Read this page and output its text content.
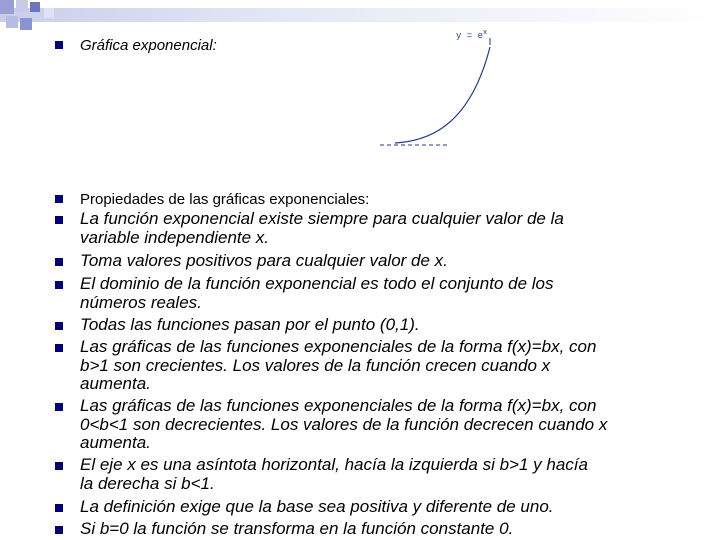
Gráfica exponencial:
$y = e^x$
Propiedades de las gráficas exponenciales:
La función exponencial existe siempre para cualquier valor de la
variable independiente x.
Toma valores positivos para cualquier valor de x.
El dominio de la función exponencial es todo el conjunto de los
números reales.
Todas las funciones pasan por el punto (0,1).
Las gráficas de las funciones exponenciales de la forma f(x)=bx, con
b>1 son crecientes. Los valores de la función crecen cuando x
aumenta.
Las gráficas de las funciones exponenciales de la forma f(x)=bx, con
0<b<1 son decrecientes. Los valores de la función decrecen cuando x
aumenta.
El eje x es una asíntota horizontal, hacía la izquierda si b>1 y hacía
la derecha si b<1.
La definición exige que la base sea positiva y diferente de uno.
Si b=0 la función se transforma en la función constante 0.
